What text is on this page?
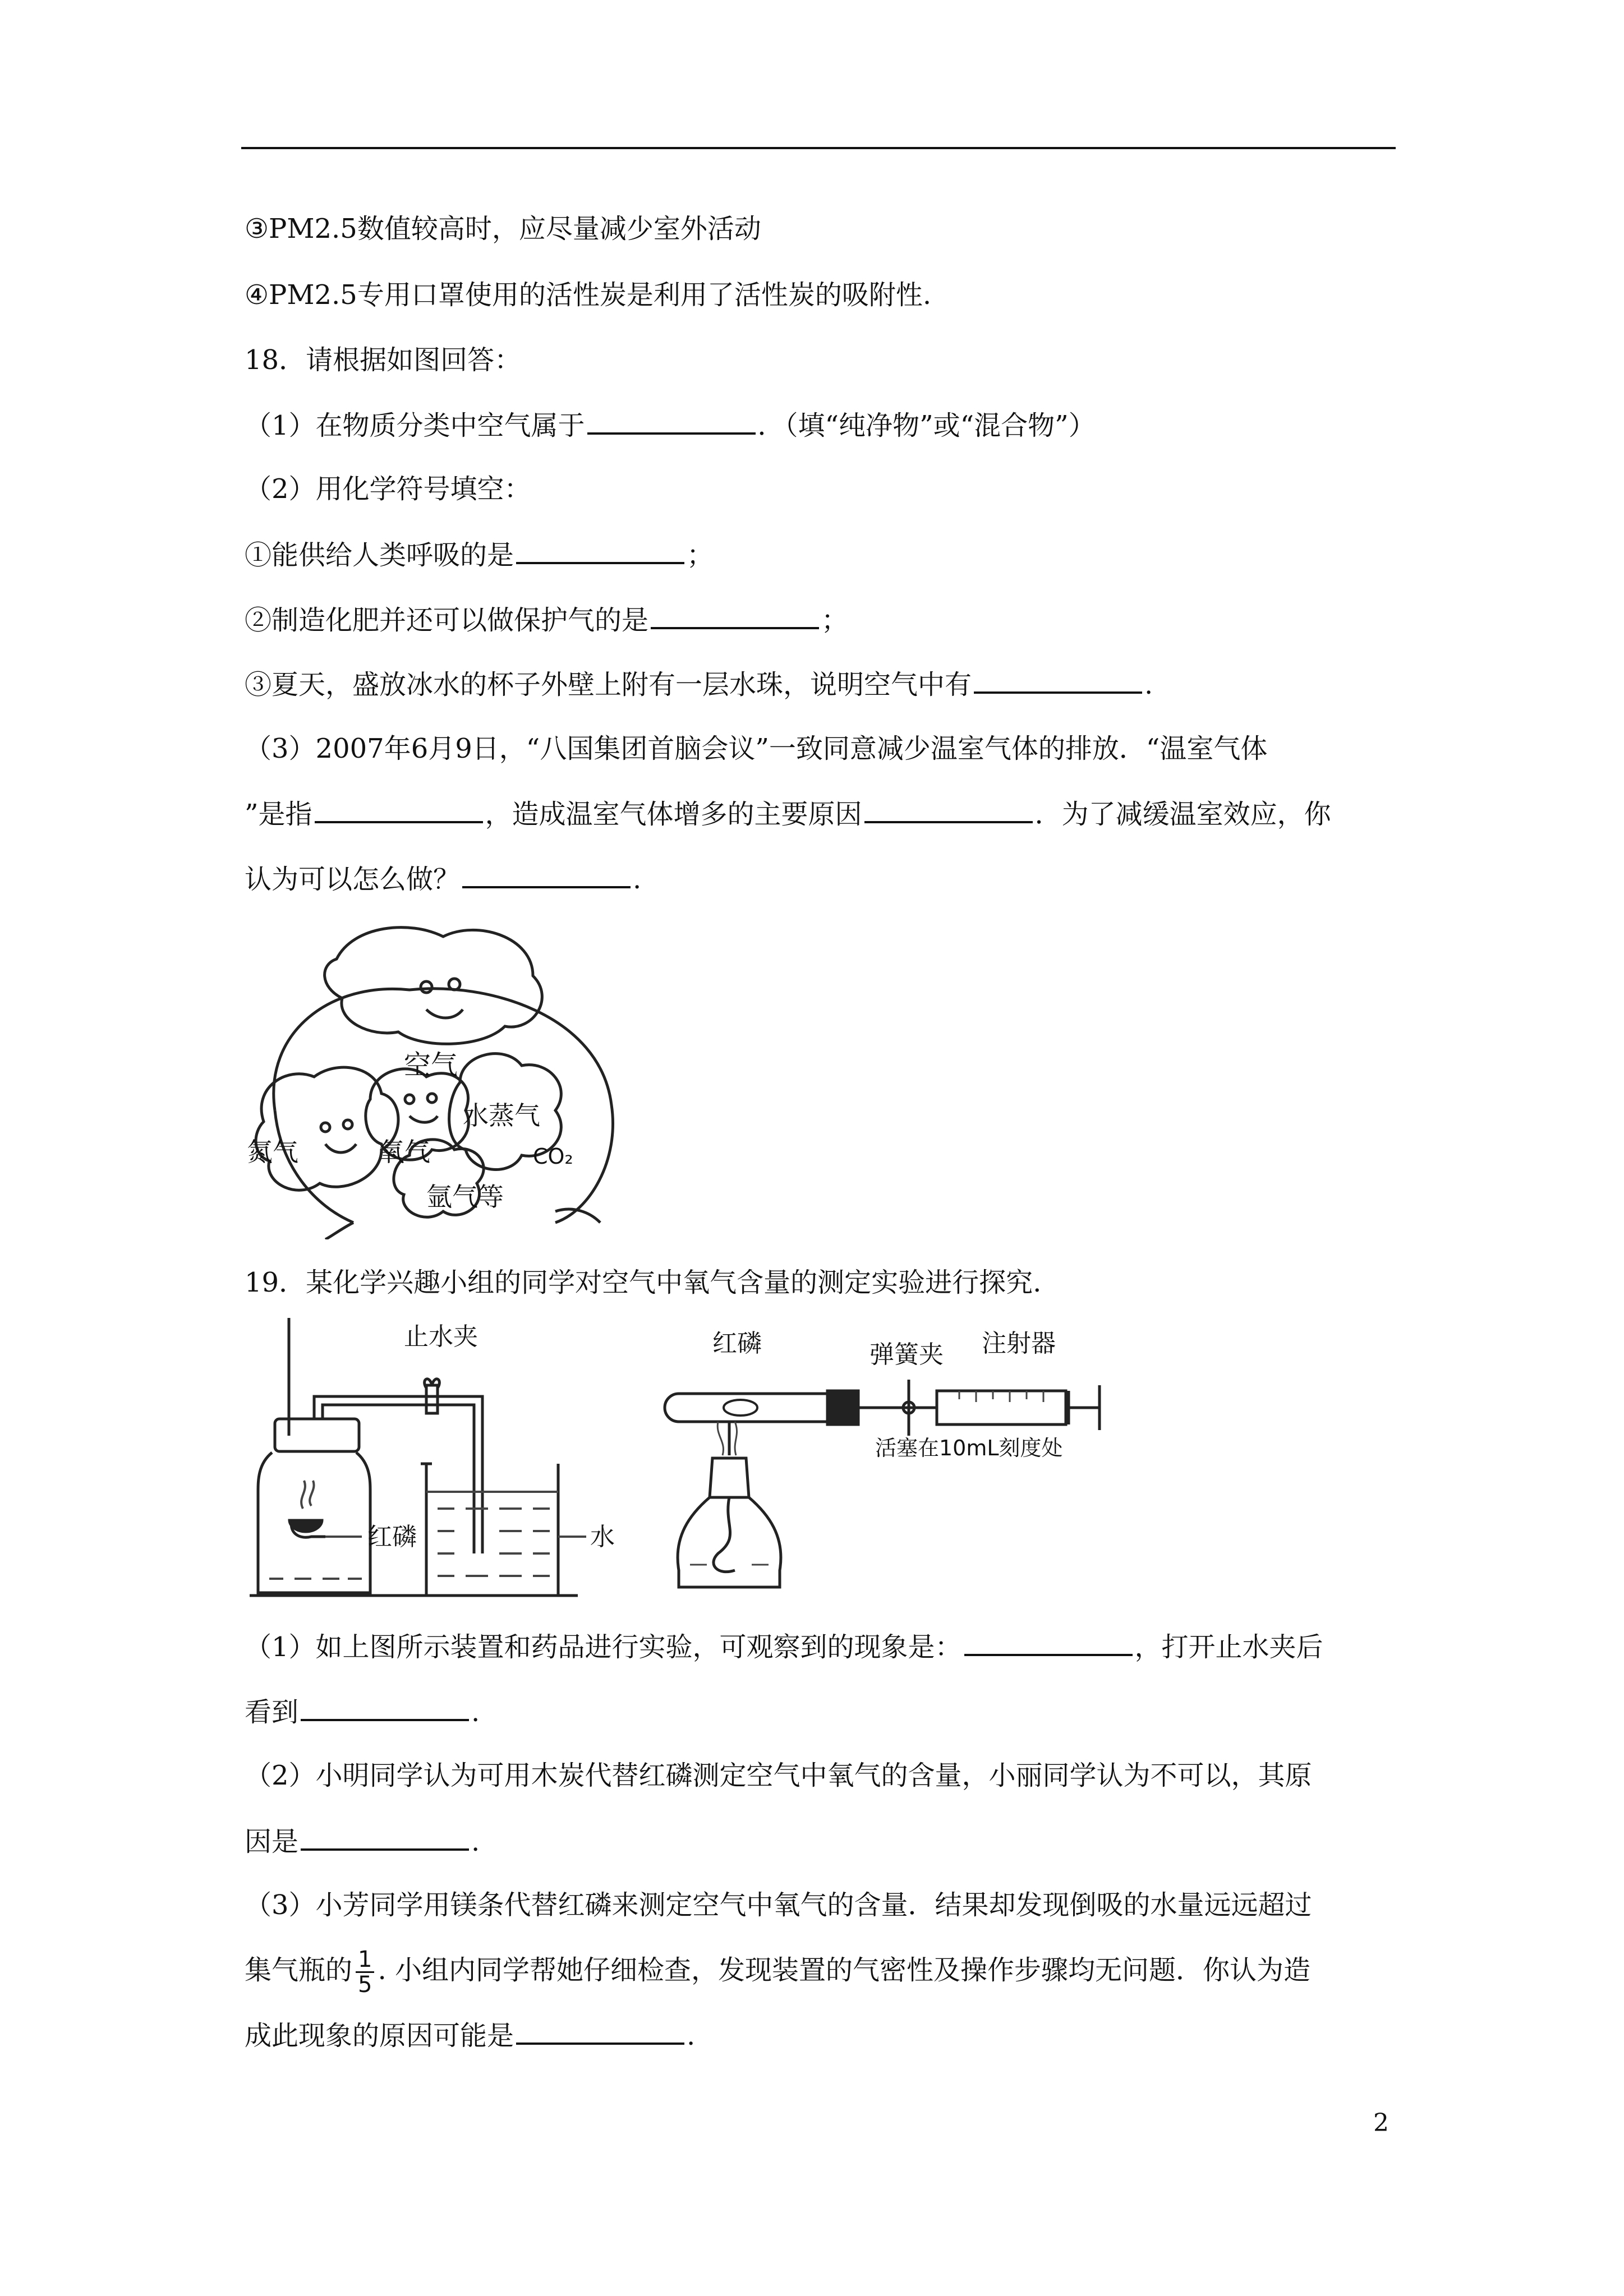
③PM2.5数值较高时，应尽量减少室外活动
④PM2.5专用口罩使用的活性炭是利用了活性炭的吸附性.
18．请根据如图回答：
（1）在物质分类中空气属于	．（填“纯净物”或“混合物”）
（2）用化学符号填空：
①能供给人类呼吸的是	；
②制造化肥并还可以做保护气的是	；
③夏天，盛放冰水的杯子外壁上附有一层水珠，说明空气中有	.
（3）2007年6月9日，“八国集团首脑会议”一致同意减少温室气体的排放．“温室气体
”是指	，造成温室气体增多的主要原因	．为了减缓温室效应，你
认为可以怎么做？	.
空气
氮气	氧气
水蒸气
CO₂
氩气等
19．某化学兴趣小组的同学对空气中氧气含量的测定实验进行探究.
止水夹
红磷	水
红磷	弹簧夹 注射器
活塞在10mL刻度处
（1）如上图所示装置和药品进行实验，可观察到的现象是：	，打开止水夹后
看到	.
（2）小明同学认为可用木炭代替红磷测定空气中氧气的含量，小丽同学认为不可以，其原
因是	.
（3）小芳同学用镁条代替红磷来测定空气中氧气的含量．结果却发现倒吸的水量远远超过
集气瓶的 $\frac{1}{5}$ . 小组内同学帮她仔细检查，发现装置的气密性及操作步骤均无问题．你认为造
成此现象的原因可能是	.
2
